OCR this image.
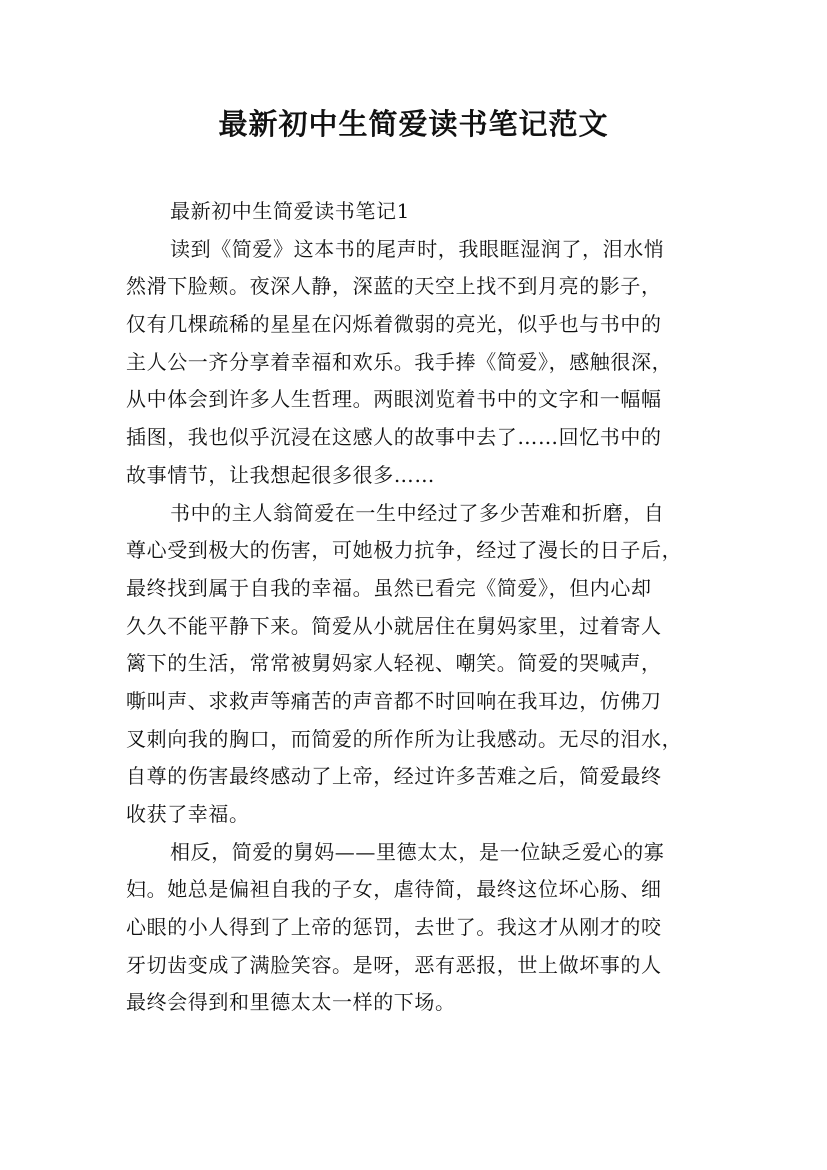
最新初中生简爱读书笔记范文
最新初中生简爱读书笔记1
读到《简爱》这本书的尾声时，我眼眶湿润了，泪水悄
然滑下脸颊。夜深人静，深蓝的天空上找不到月亮的影子，
仅有几棵疏稀的星星在闪烁着微弱的亮光，似乎也与书中的
主人公一齐分享着幸福和欢乐。我手捧《简爱》，感触很深，
从中体会到许多人生哲理。两眼浏览着书中的文字和一幅幅
插图，我也似乎沉浸在这感人的故事中去了……回忆书中的
故事情节，让我想起很多很多……
书中的主人翁简爱在一生中经过了多少苦难和折磨，自
尊心受到极大的伤害，可她极力抗争，经过了漫长的日子后，
最终找到属于自我的幸福。虽然已看完《简爱》，但内心却
久久不能平静下来。简爱从小就居住在舅妈家里，过着寄人
篱下的生活，常常被舅妈家人轻视、嘲笑。简爱的哭喊声，
嘶叫声、求救声等痛苦的声音都不时回响在我耳边，仿佛刀
叉刺向我的胸口，而简爱的所作所为让我感动。无尽的泪水，
自尊的伤害最终感动了上帝，经过许多苦难之后，简爱最终
收获了幸福。
相反，简爱的舅妈——里德太太，是一位缺乏爱心的寡
妇。她总是偏袒自我的子女，虐待简，最终这位坏心肠、细
心眼的小人得到了上帝的惩罚，去世了。我这才从刚才的咬
牙切齿变成了满脸笑容。是呀，恶有恶报，世上做坏事的人
最终会得到和里德太太一样的下场。
